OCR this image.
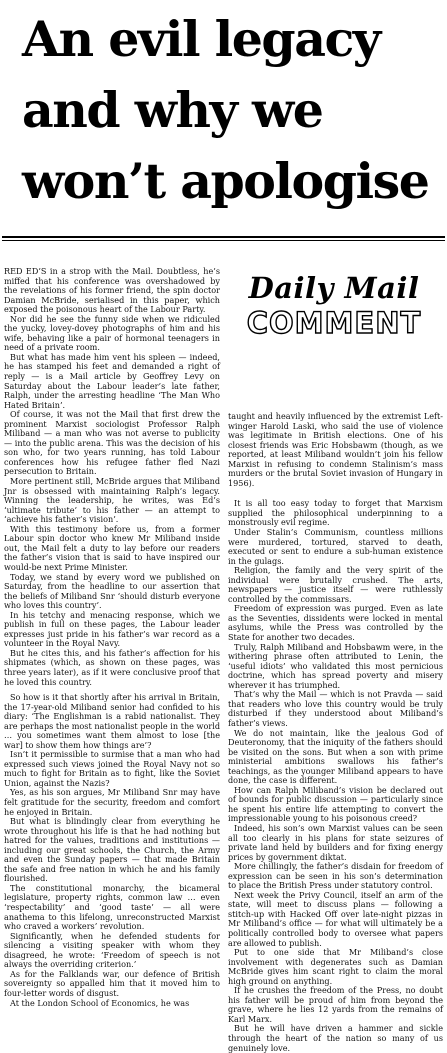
An evil legacy
and why we
won’t apologise

RED ED’S in a strop with the Mail. Doubtless, he’s miffed that his conference was overshadowed by the revelations of his former friend, the spin doctor Damian McBride, serialised in this paper, which exposed the poisonous heart of the Labour Party.

Nor did he see the funny side when we ridiculed the yucky, lovey-dovey photographs of him and his wife, behaving like a pair of hormonal teenagers in need of a private room.

But what has made him vent his spleen — indeed, he has stamped his feet and demanded a right of reply — is a Mail article by Geoffrey Levy on Saturday about the Labour leader’s late father, Ralph, under the arresting headline ‘The Man Who Hated Britain’.

Of course, it was not the Mail that first drew the prominent Marxist sociologist Professor Ralph Miliband — a man who was not averse to publicity — into the public arena. This was the decision of his son who, for two years running, has told Labour conferences how his refugee father fled Nazi persecution to Britain.

More pertinent still, McBride argues that Miliband Jnr is obsessed with maintaining Ralph’s legacy. Winning the leadership, he writes, was Ed’s ‘ultimate tribute’ to his father — an attempt to ‘achieve his father’s vision’.

With this testimony before us, from a former Labour spin doctor who knew Mr Miliband inside out, the Mail felt a duty to lay before our readers the father’s vision that is said to have inspired our would-be next Prime Minister.

Today, we stand by every word we published on Saturday, from the headline to our assertion that the beliefs of Miliband Snr ‘should disturb everyone who loves this country’.

In his tetchy and menacing response, which we publish in full on these pages, the Labour leader expresses just pride in his father’s war record as a volunteer in the Royal Navy.

But he cites this, and his father’s affection for his shipmates (which, as shown on these pages, was three years later), as if it were conclusive proof that he loved this country.

So how is it that shortly after his arrival in Britain, the 17-year-old Miliband senior had confided to his diary: ‘The Englishman is a rabid nationalist. They are perhaps the most nationalist people in the world … you sometimes want them almost to lose [the war] to show them how things are’?

Isn’t it permissible to surmise that a man who had expressed such views joined the Royal Navy not so much to fight for Britain as to fight, like the Soviet Union, against the Nazis?

Yes, as his son argues, Mr Miliband Snr may have felt gratitude for the security, freedom and comfort he enjoyed in Britain.

But what is blindingly clear from everything he wrote throughout his life is that he had nothing but hatred for the values, traditions and institutions — including our great schools, the Church, the Army and even the Sunday papers — that made Britain the safe and free nation in which he and his family flourished.

The constitutional monarchy, the bicameral legislature, property rights, common law … even ‘respectability’ and ‘good taste’ — all were anathema to this lifelong, unreconstructed Marxist who craved a workers’ revolution.

Significantly, when he defended students for silencing a visiting speaker with whom they disagreed, he wrote: ‘Freedom of speech is not always the overriding criterion.’

As for the Falklands war, our defence of British sovereignty so appalled him that it moved him to four-letter words of disgust.

At the London School of Economics, he was

Daily Mail
COMMENT

taught and heavily influenced by the extremist Left-winger Harold Laski, who said the use of violence was legitimate in British elections. One of his closest friends was Eric Hobsbawm (though, as we reported, at least Miliband wouldn’t join his fellow Marxist in refusing to condemn Stalinism’s mass murders or the brutal Soviet invasion of Hungary in 1956).

It is all too easy today to forget that Marxism supplied the philosophical underpinning to a monstrously evil regime.

Under Stalin’s Communism, countless millions were murdered, tortured, starved to death, executed or sent to endure a sub-human existence in the gulags.

Religion, the family and the very spirit of the individual were brutally crushed. The arts, newspapers — justice itself — were ruthlessly controlled by the commissars.

Freedom of expression was purged. Even as late as the Seventies, dissidents were locked in mental asylums, while the Press was controlled by the State for another two decades.

Truly, Ralph Miliband and Hobsbawm were, in the withering phrase often attributed to Lenin, the ‘useful idiots’ who validated this most pernicious doctrine, which has spread poverty and misery wherever it has triumphed.

That’s why the Mail — which is not Pravda — said that readers who love this country would be truly disturbed if they understood about Miliband’s father’s views.

We do not maintain, like the jealous God of Deuteronomy, that the iniquity of the fathers should be visited on the sons. But when a son with prime ministerial ambitions swallows his father’s teachings, as the younger Miliband appears to have done, the case is different.

How can Ralph Miliband’s vision be declared out of bounds for public discussion — particularly since he spent his entire life attempting to convert the impressionable young to his poisonous creed?

Indeed, his son’s own Marxist values can be seen all too clearly in his plans for state seizures of private land held by builders and for fixing energy prices by government diktat.

More chillingly, the father’s disdain for freedom of expression can be seen in his son’s determination to place the British Press under statutory control.

Next week the Privy Council, itself an arm of the state, will meet to discuss plans — following a stitch-up with Hacked Off over late-night pizzas in Mr Miliband’s office — for what will ultimately be a politically controlled body to oversee what papers are allowed to publish.

Put to one side that Mr Miliband’s close involvement with degenerates such as Damian McBride gives him scant right to claim the moral high ground on anything.

If he crushes the freedom of the Press, no doubt his father will be proud of him from beyond the grave, where he lies 12 yards from the remains of Karl Marx.

But he will have driven a hammer and sickle through the heart of the nation so many of us genuinely love.
